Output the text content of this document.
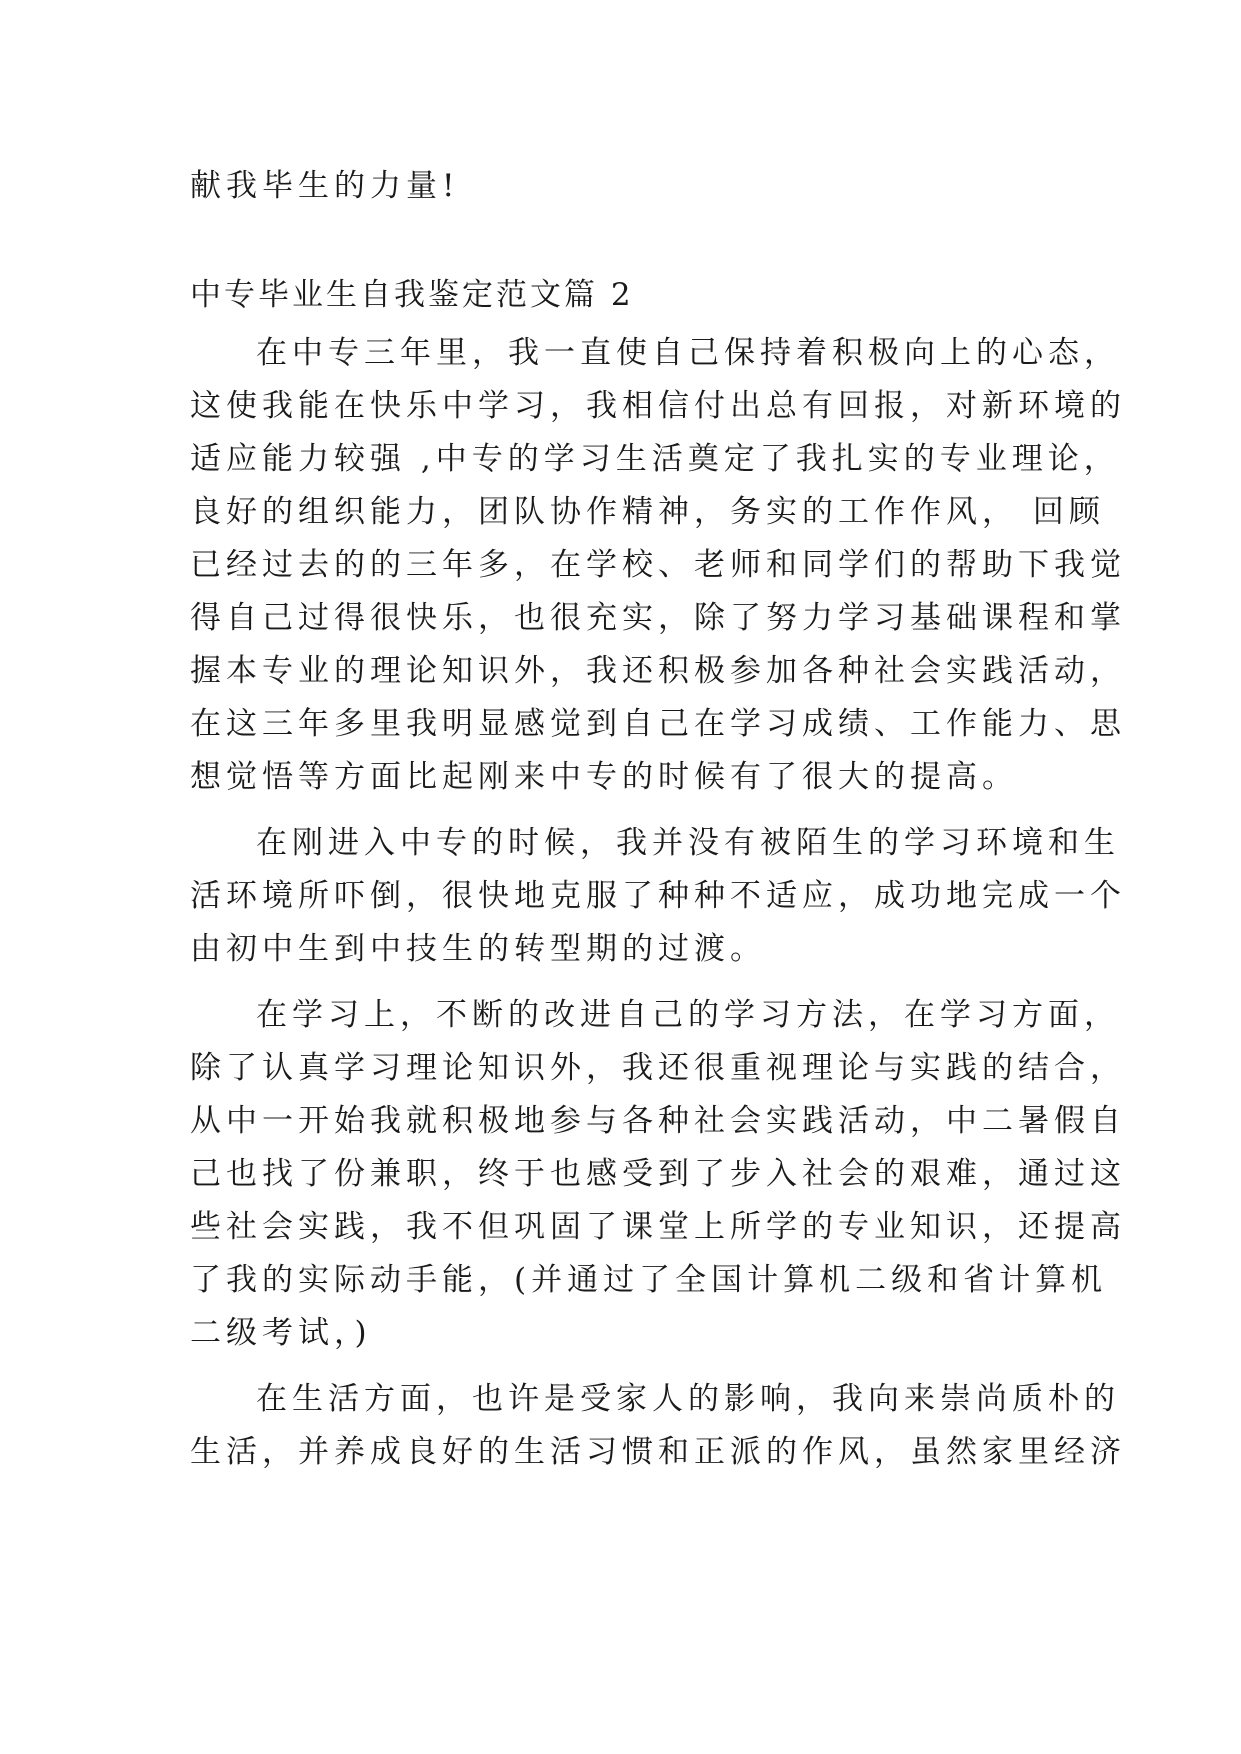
献我毕生的力量!
中专毕业生自我鉴定范文篇 2
在中专三年里，我一直使自己保持着积极向上的心态，
这使我能在快乐中学习，我相信付出总有回报，对新环境的
适应能力较强 ,中专的学习生活奠定了我扎实的专业理论，
良好的组织能力，团队协作精神，务实的工作作风， 回顾
已经过去的的三年多，在学校、老师和同学们的帮助下我觉
得自己过得很快乐，也很充实，除了努力学习基础课程和掌
握本专业的理论知识外，我还积极参加各种社会实践活动，
在这三年多里我明显感觉到自己在学习成绩、工作能力、思
想觉悟等方面比起刚来中专的时候有了很大的提高。
在刚进入中专的时候，我并没有被陌生的学习环境和生
活环境所吓倒，很快地克服了种种不适应，成功地完成一个
由初中生到中技生的转型期的过渡。
在学习上，不断的改进自己的学习方法，在学习方面，
除了认真学习理论知识外，我还很重视理论与实践的结合，
从中一开始我就积极地参与各种社会实践活动，中二暑假自
己也找了份兼职，终于也感受到了步入社会的艰难，通过这
些社会实践，我不但巩固了课堂上所学的专业知识，还提高
了我的实际动手能，(并通过了全国计算机二级和省计算机
二级考试，)
在生活方面，也许是受家人的影响，我向来崇尚质朴的
生活，并养成良好的生活习惯和正派的作风，虽然家里经济
